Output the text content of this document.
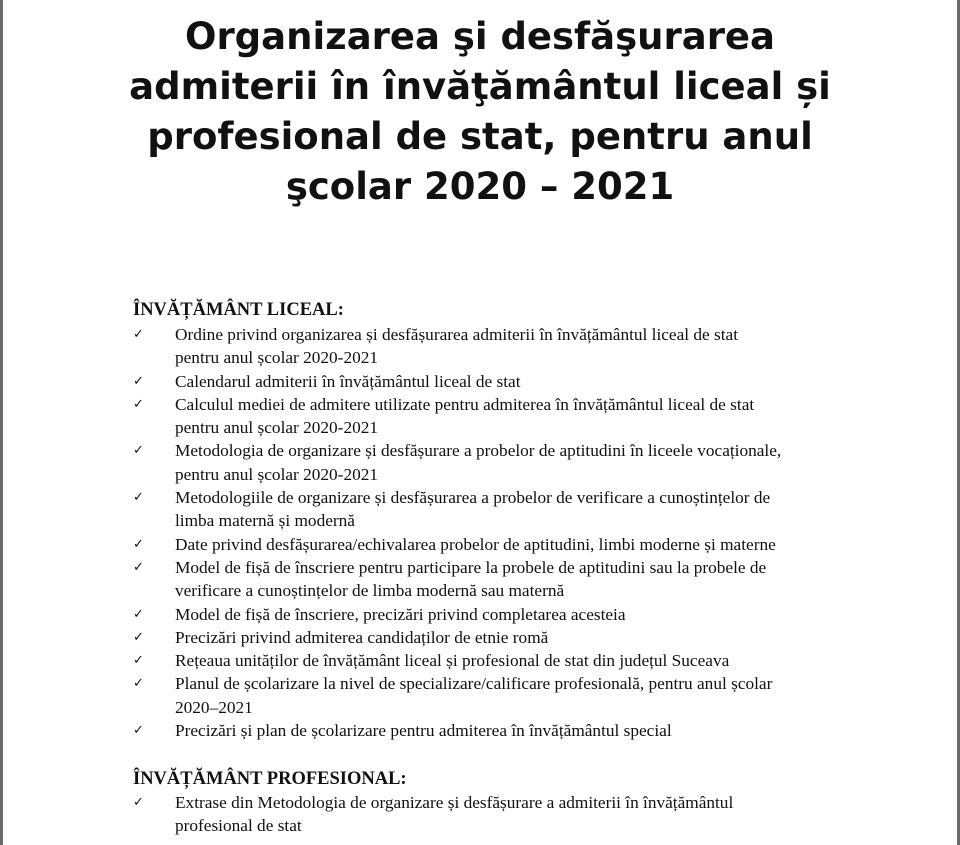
Organizarea şi desfăşurarea
admiterii în învăţământul liceal și
profesional de stat, pentru anul
şcolar 2020 – 2021
ÎNVĂȚĂMÂNT LICEAL:
✓	Ordine privind organizarea și desfășurarea admiterii în învățământul liceal de stat
pentru anul școlar 2020-2021
✓	Calendarul admiterii în învățământul liceal de stat
✓	Calculul mediei de admitere utilizate pentru admiterea în învățământul liceal de stat
pentru anul școlar 2020-2021
✓	Metodologia de organizare și desfășurare a probelor de aptitudini în liceele vocaționale,
pentru anul școlar 2020-2021
✓	Metodologiile de organizare și desfășurarea a probelor de verificare a cunoștințelor de
limba maternă și modernă
✓	Date privind desfășurarea/echivalarea probelor de aptitudini, limbi moderne și materne
✓	Model de fișă de înscriere pentru participare la probele de aptitudini sau la probele de
verificare a cunoștințelor de limba modernă sau maternă
✓	Model de fișă de înscriere, precizări privind completarea acesteia
✓	Precizări privind admiterea candidaților de etnie romă
✓	Rețeaua unităților de învățământ liceal și profesional de stat din județul Suceava
✓	Planul de școlarizare la nivel de specializare/calificare profesională, pentru anul școlar
2020–2021
✓	Precizări și plan de școlarizare pentru admiterea în învățământul special
ÎNVĂȚĂMÂNT PROFESIONAL:
✓	Extrase din Metodologia de organizare și desfășurare a admiterii în învățământul
profesional de stat
